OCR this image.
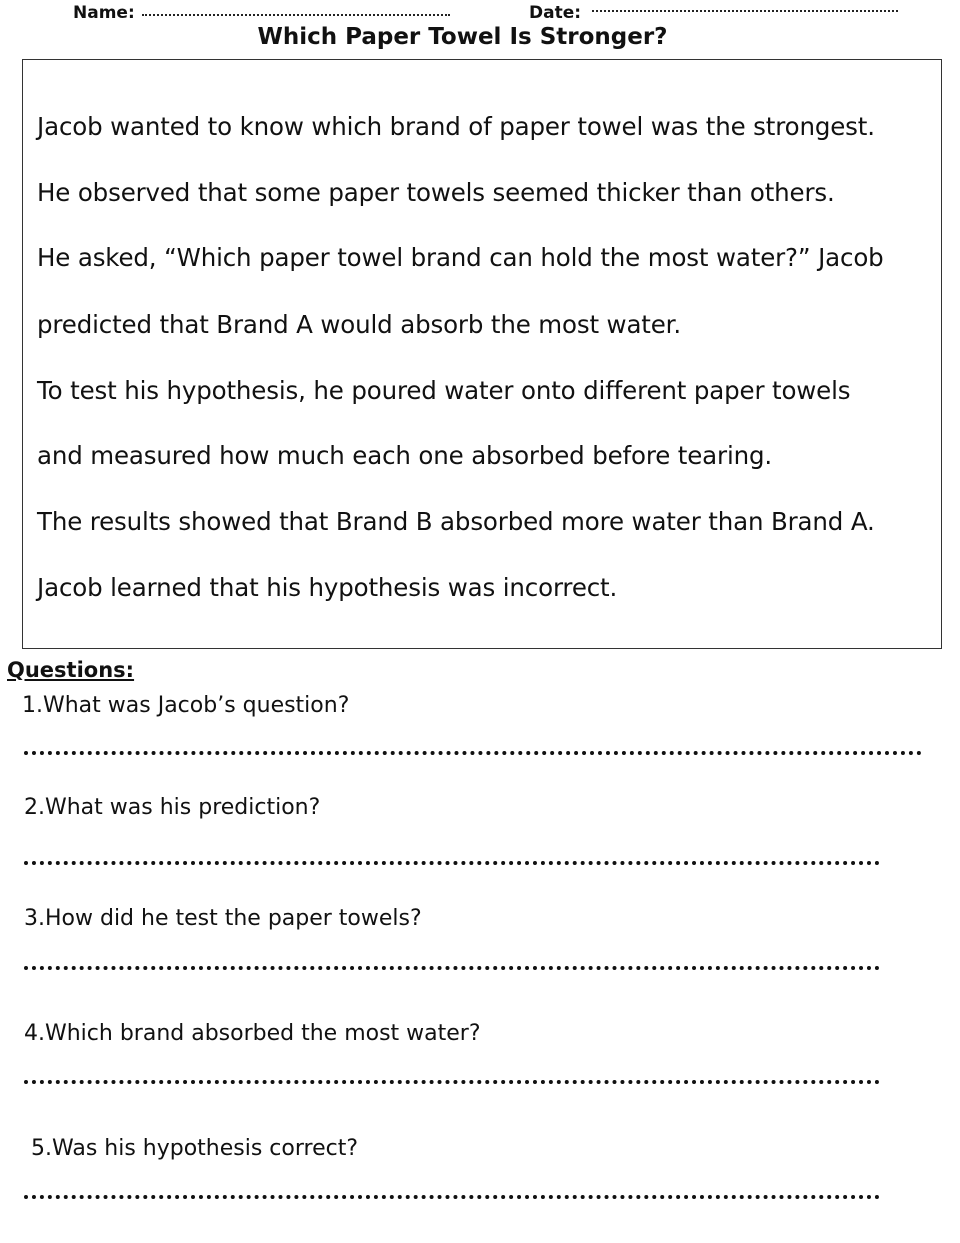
Name:	Date:
Which Paper Towel Is Stronger?
Jacob wanted to know which brand of paper towel was the strongest.
He observed that some paper towels seemed thicker than others.
He asked, “Which paper towel brand can hold the most water?” Jacob
predicted that Brand A would absorb the most water.
To test his hypothesis, he poured water onto different paper towels
and measured how much each one absorbed before tearing.
The results showed that Brand B absorbed more water than Brand A.
Jacob learned that his hypothesis was incorrect.
Questions:
1.What was Jacob’s question?
2.What was his prediction?
3.How did he test the paper towels?
4.Which brand absorbed the most water?
5.Was his hypothesis correct?
